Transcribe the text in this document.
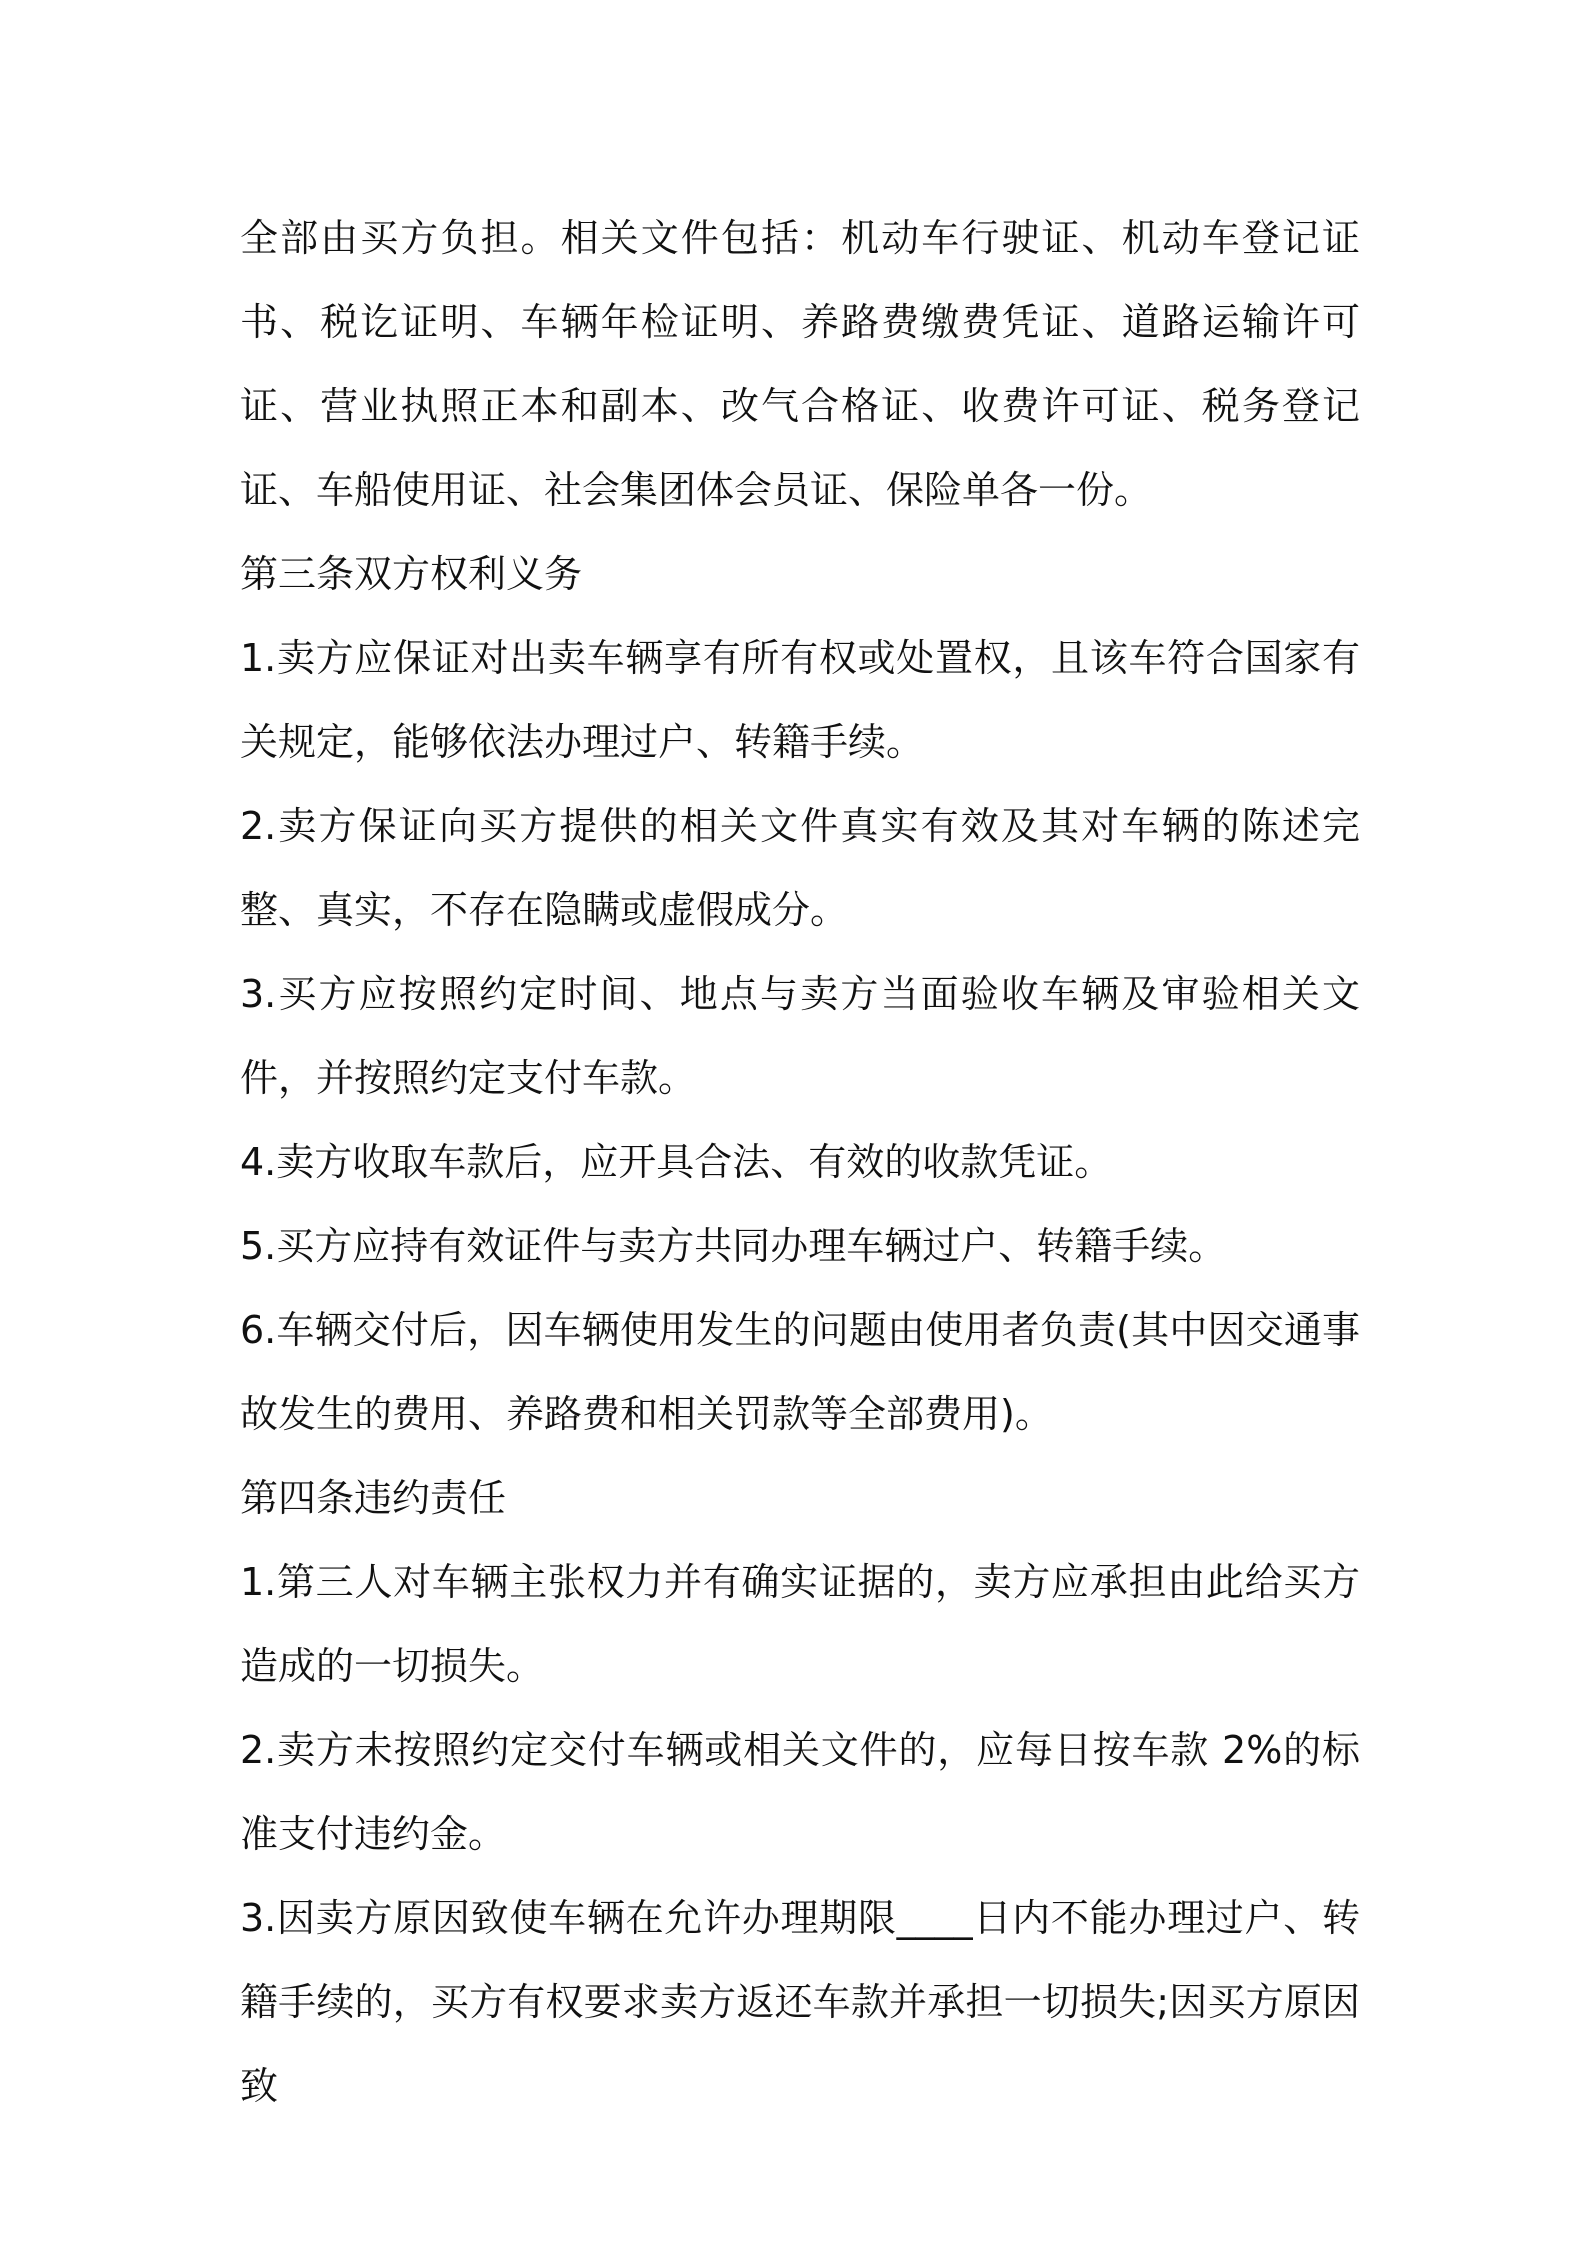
全部由买方负担。相关文件包括：机动车行驶证、机动车登记证书、税讫证明、车辆年检证明、养路费缴费凭证、道路运输许可证、营业执照正本和副本、改气合格证、收费许可证、税务登记证、车船使用证、社会集团体会员证、保险单各一份。

第三条双方权利义务

1.卖方应保证对出卖车辆享有所有权或处置权，且该车符合国家有关规定，能够依法办理过户、转籍手续。

2.卖方保证向买方提供的相关文件真实有效及其对车辆的陈述完整、真实，不存在隐瞒或虚假成分。

3.买方应按照约定时间、地点与卖方当面验收车辆及审验相关文件，并按照约定支付车款。

4.卖方收取车款后，应开具合法、有效的收款凭证。

5.买方应持有效证件与卖方共同办理车辆过户、转籍手续。

6.车辆交付后，因车辆使用发生的问题由使用者负责(其中因交通事故发生的费用、养路费和相关罚款等全部费用)。

第四条违约责任

1.第三人对车辆主张权力并有确实证据的，卖方应承担由此给买方造成的一切损失。

2.卖方未按照约定交付车辆或相关文件的，应每日按车款 2%的标准支付违约金。

3.因卖方原因致使车辆在允许办理期限____日内不能办理过户、转籍手续的，买方有权要求卖方返还车款并承担一切损失;因买方原因致
